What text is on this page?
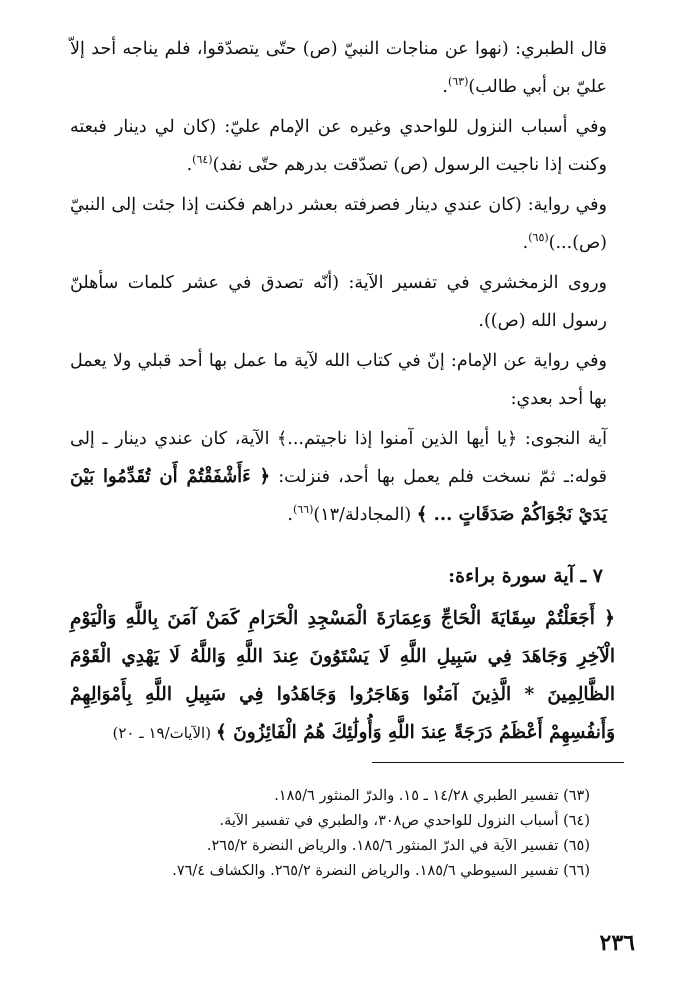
قال الطبري: (نهوا عن مناجات النبيّ (ص) حتّى يتصدّقوا، فلم يناجه أحد إلاّ عليّ بن أبي طالب)$^{(٦٣)}$.

وفي أسباب النزول للواحدي وغيره عن الإمام عليّ: (كان لي دينار فبعته وكنت إذا ناجيت الرسول (ص) تصدّقت بدرهم حتّى نفد)$^{(٦٤)}$.

وفي رواية: (كان عندي دينار فصرفته بعشر دراهم فكنت إذا جئت إلى النبيّ (ص)...)$^{(٦٥)}$.

وروى الزمخشري في تفسير الآية: (أنّه تصدق في عشر كلمات سأهلنّ رسول الله (ص)).

وفي رواية عن الإمام: إنّ في كتاب الله لآية ما عمل بها أحد قبلي ولا يعمل بها أحد بعدي:

آية النجوى: ﴿يا أيها الذين آمنوا إذا ناجيتم...﴾ الآية، كان عندي دينار ـ إلى قوله:ـ ثمّ نسخت فلم يعمل بها أحد، فنزلت: ﴿ ءَأَشْفَقْتُمْ أَن تُقَدِّمُوا بَيْنَ يَدَيْ نَجْوَاكُمْ صَدَقَاتٍ ... ﴾ (المجادلة/١٣)$^{(٦٦)}$.

٧ ـ آية سورة براءة:
﴿ أَجَعَلْتُمْ سِقَايَةَ الْحَاجِّ وَعِمَارَةَ الْمَسْجِدِ الْحَرَامِ كَمَنْ آمَنَ بِاللَّهِ وَالْيَوْمِ الْآخِرِ وَجَاهَدَ فِي سَبِيلِ اللَّهِ لَا يَسْتَوُونَ عِندَ اللَّهِ وَاللَّهُ لَا يَهْدِي الْقَوْمَ الظَّالِمِينَ * الَّذِينَ آمَنُوا وَهَاجَرُوا وَجَاهَدُوا فِي سَبِيلِ اللَّهِ بِأَمْوَالِهِمْ وَأَنفُسِهِمْ أَعْظَمُ دَرَجَةً عِندَ اللَّهِ وَأُولَٰئِكَ هُمُ الْفَائِزُونَ ﴾ (الآيات/١٩ ـ ٢٠)
(٦٣) تفسير الطبري ١٤/٢٨ ـ ١٥. والدرّ المنثور ١٨٥/٦.
(٦٤) أسباب النزول للواحدي ص٣٠٨، والطبري في تفسير الآية.
(٦٥) تفسير الآية في الدرّ المنثور ١٨٥/٦. والرياض النضرة ٢٦٥/٢.
(٦٦) تفسير السيوطي ١٨٥/٦. والرياض النضرة ٢٦٥/٢. والكشاف ٧٦/٤.
٢٣٦
